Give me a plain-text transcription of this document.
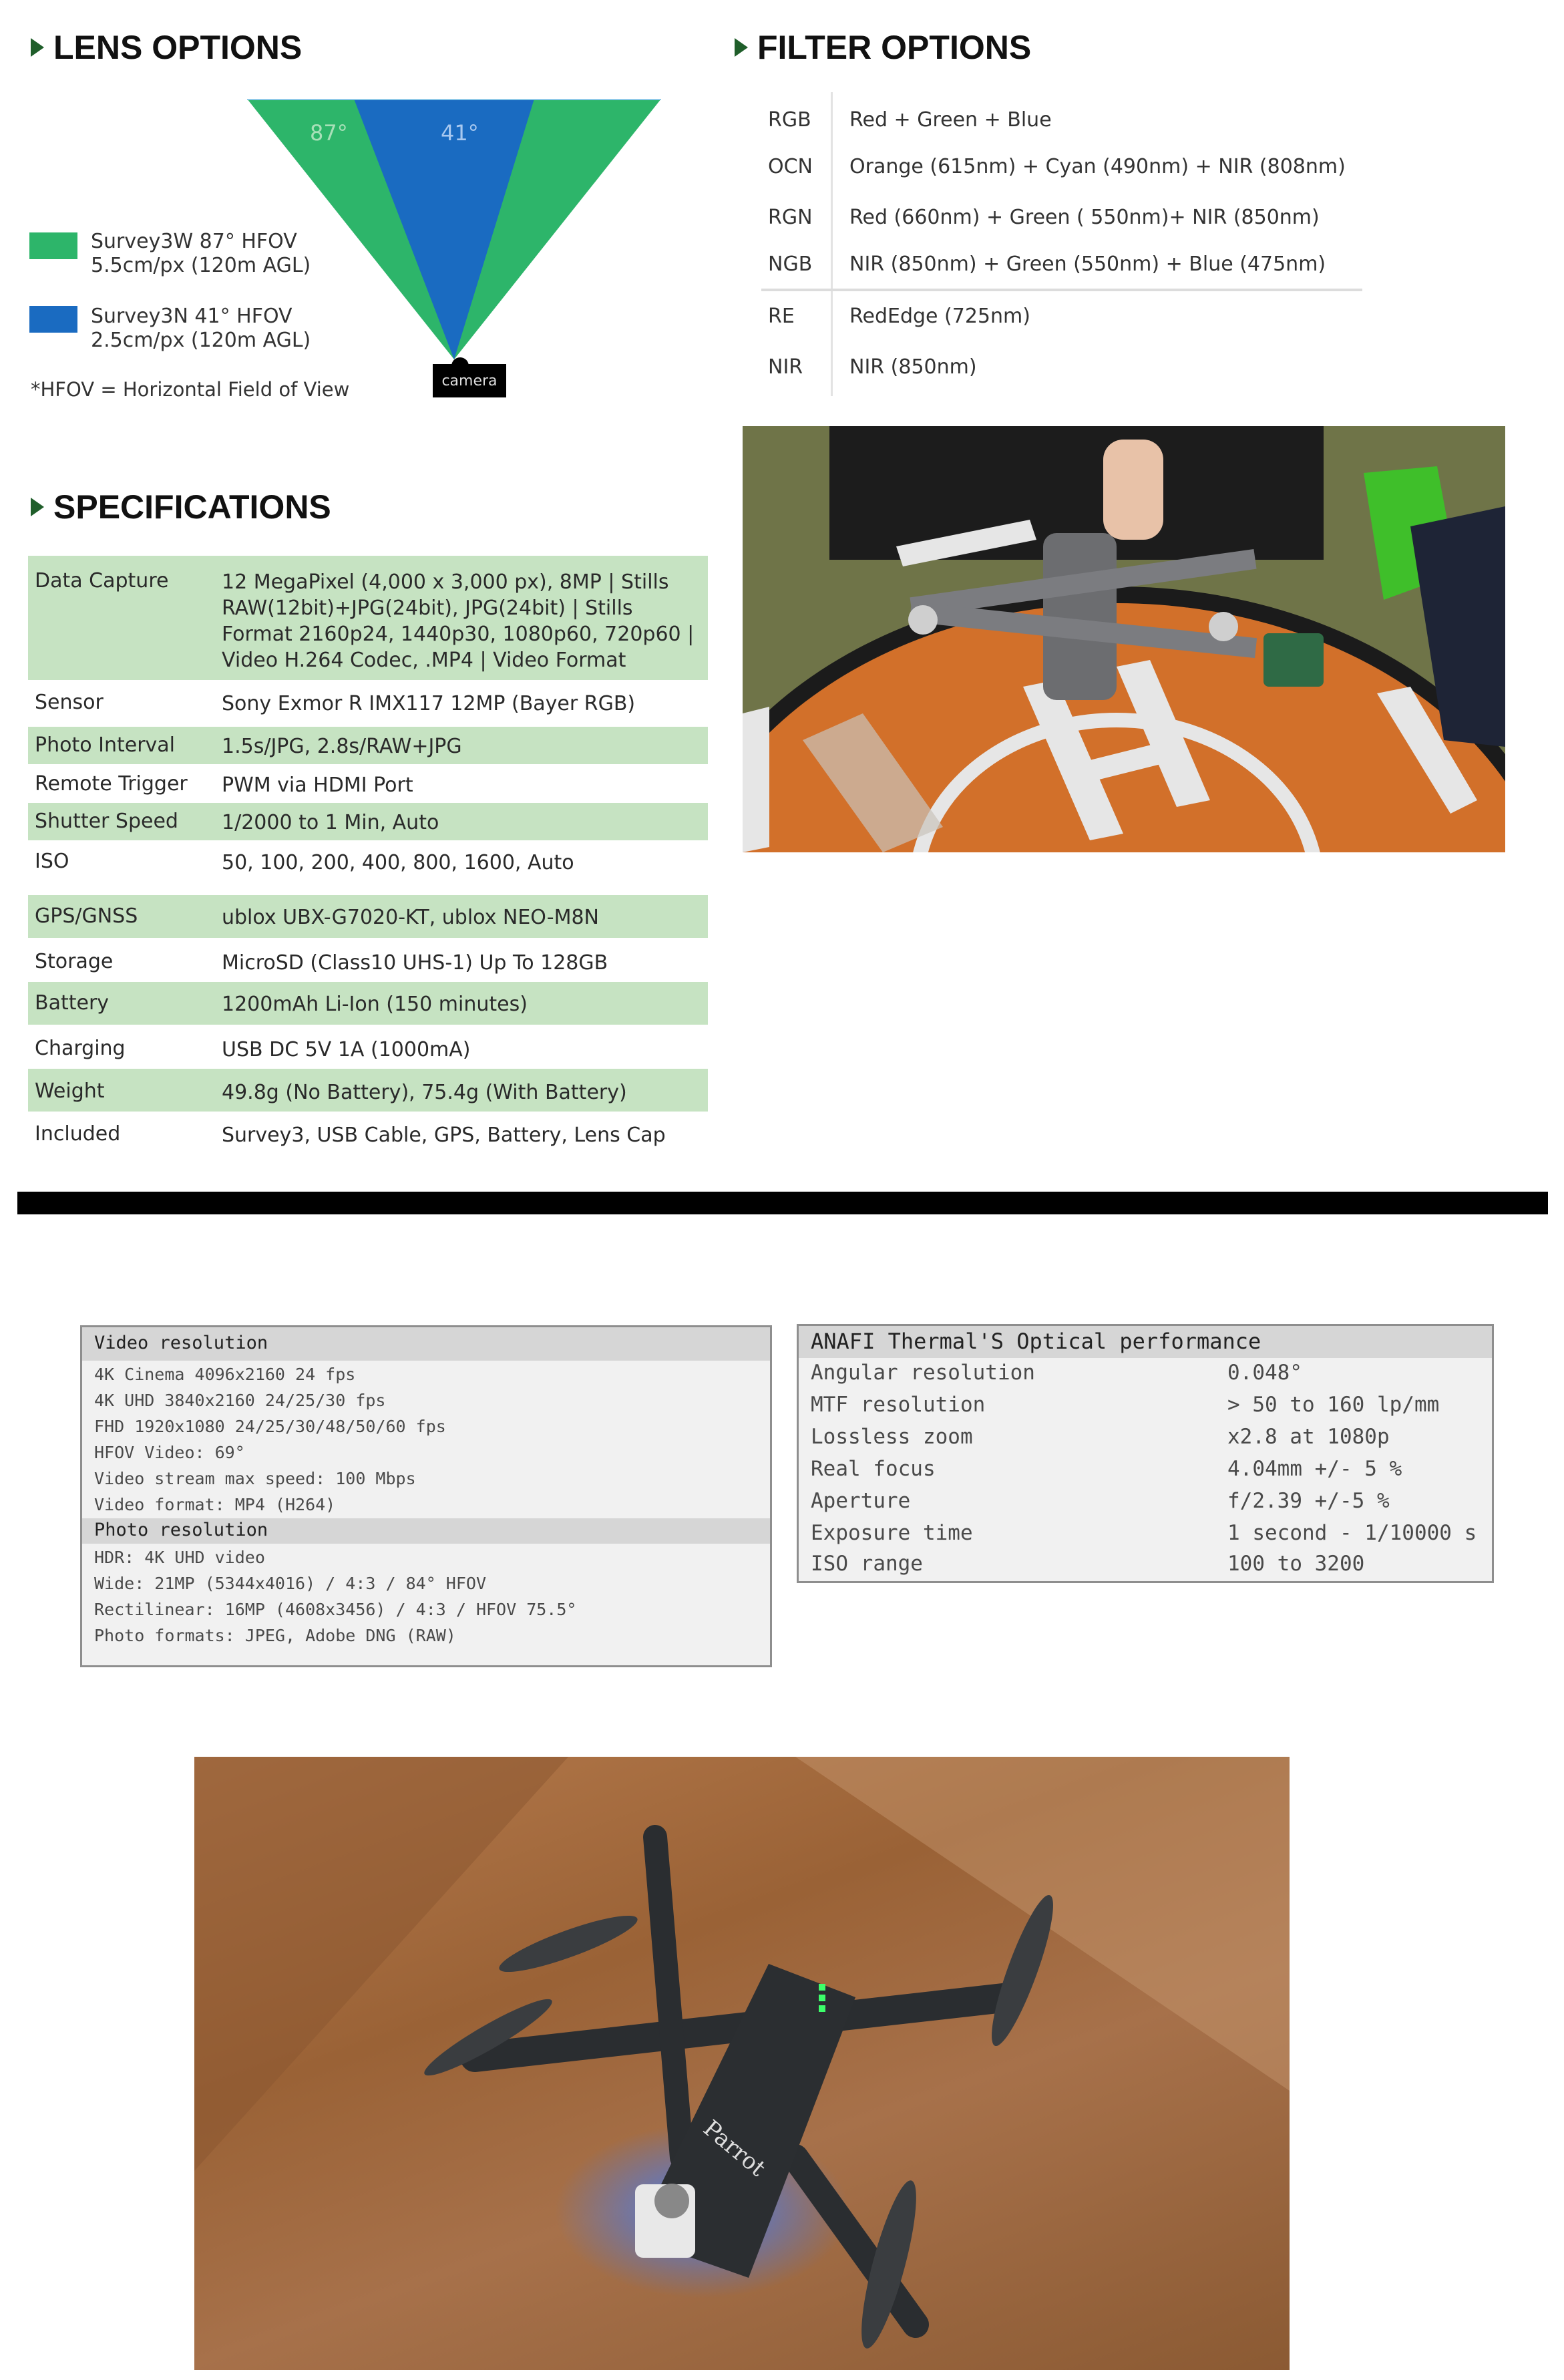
LENS OPTIONS
87°	41°
camera
Survey3W 87° HFOV
5.5cm/px (120m AGL)
Survey3N 41° HFOV
2.5cm/px (120m AGL)
*HFOV = Horizontal Field of View
FILTER OPTIONS
RGB	Red + Green + Blue
OCN	Orange (615nm) + Cyan (490nm) + NIR (808nm)
RGN	Red (660nm) + Green ( 550nm)+ NIR (850nm)
NGB	NIR (850nm) + Green (550nm) + Blue (475nm)
RE	RedEdge (725nm)
NIR	NIR (850nm)
SPECIFICATIONS
Data Capture	12 MegaPixel (4,000 x 3,000 px), 8MP | Stills RAW(12bit)+JPG(24bit), JPG(24bit) | Stills Format 2160p24, 1440p30, 1080p60, 720p60 | Video H.264 Codec, .MP4 | Video Format
Sensor	Sony Exmor R IMX117 12MP (Bayer RGB)
Photo Interval	1.5s/JPG, 2.8s/RAW+JPG
Remote Trigger	PWM via HDMI Port
Shutter Speed	1/2000 to 1 Min, Auto
ISO	50, 100, 200, 400, 800, 1600, Auto
GPS/GNSS	ublox UBX-G7020-KT, ublox NEO-M8N
Storage	MicroSD (Class10 UHS-1) Up To 128GB
Battery	1200mAh Li-Ion (150 minutes)
Charging	USB DC 5V 1A (1000mA)
Weight	49.8g (No Battery), 75.4g (With Battery)
Included	Survey3, USB Cable, GPS, Battery, Lens Cap
Video resolution
4K Cinema 4096x2160 24 fps
4K UHD 3840x2160 24/25/30 fps
FHD 1920x1080 24/25/30/48/50/60 fps
HFOV Video: 69°
Video stream max speed: 100 Mbps
Video format: MP4 (H264)
Photo resolution
HDR: 4K UHD video
Wide: 21MP (5344x4016) / 4:3 / 84° HFOV
Rectilinear: 16MP (4608x3456) / 4:3 / HFOV 75.5°
Photo formats: JPEG, Adobe DNG (RAW)
ANAFI Thermal'S Optical performance
Angular resolution	0.048°
MTF resolution	> 50 to 160 lp/mm
Lossless zoom	x2.8 at 1080p
Real focus	4.04mm +/- 5 %
Aperture	f/2.39 +/-5 %
Exposure time	1 second - 1/10000 s
ISO range	100 to 3200
Parrot
